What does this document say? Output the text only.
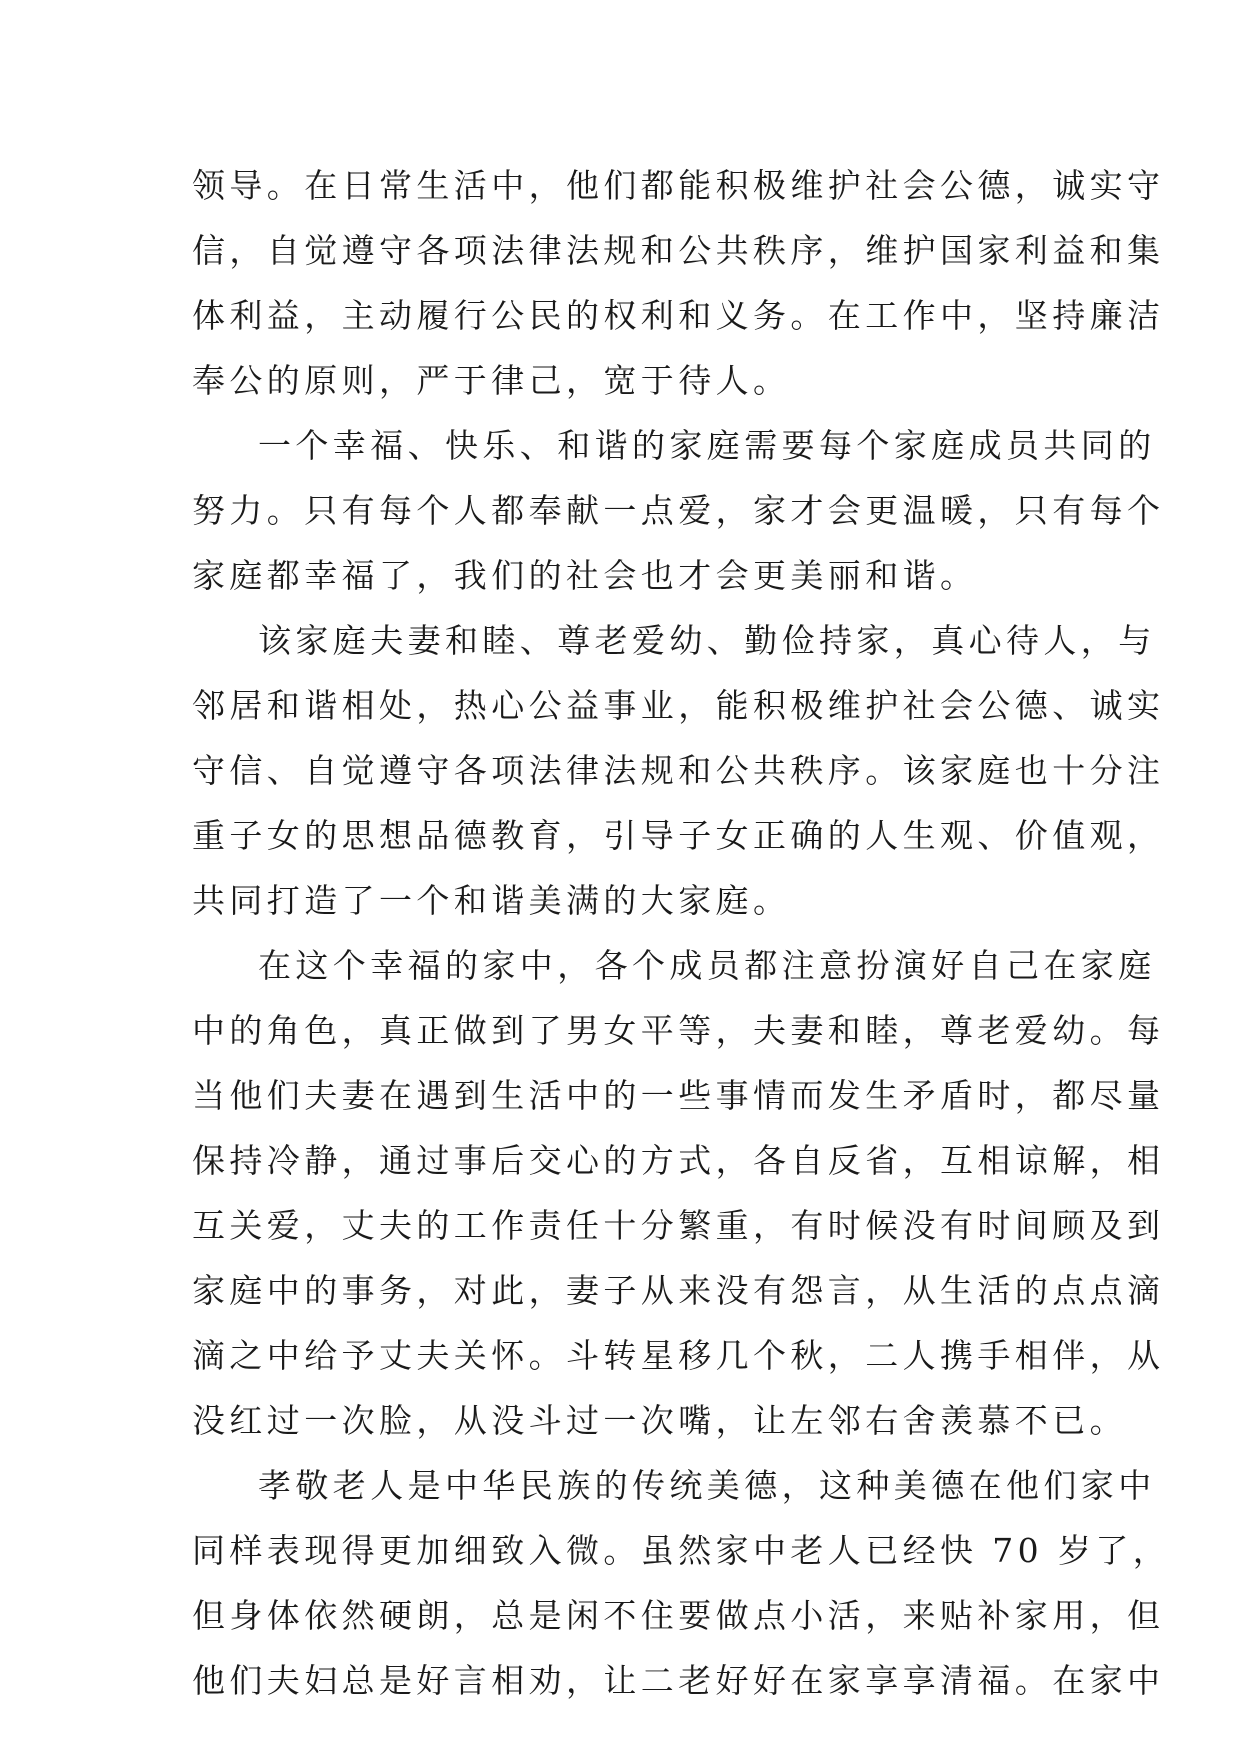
领导。在日常生活中，他们都能积极维护社会公德，诚实守
信，自觉遵守各项法律法规和公共秩序，维护国家利益和集
体利益，主动履行公民的权利和义务。在工作中，坚持廉洁
奉公的原则，严于律己，宽于待人。
一个幸福、快乐、和谐的家庭需要每个家庭成员共同的
努力。只有每个人都奉献一点爱，家才会更温暖，只有每个
家庭都幸福了，我们的社会也才会更美丽和谐。
该家庭夫妻和睦、尊老爱幼、勤俭持家，真心待人，与
邻居和谐相处，热心公益事业，能积极维护社会公德、诚实
守信、自觉遵守各项法律法规和公共秩序。该家庭也十分注
重子女的思想品德教育，引导子女正确的人生观、价值观，
共同打造了一个和谐美满的大家庭。
在这个幸福的家中，各个成员都注意扮演好自己在家庭
中的角色，真正做到了男女平等，夫妻和睦，尊老爱幼。每
当他们夫妻在遇到生活中的一些事情而发生矛盾时，都尽量
保持冷静，通过事后交心的方式，各自反省，互相谅解，相
互关爱，丈夫的工作责任十分繁重，有时候没有时间顾及到
家庭中的事务，对此，妻子从来没有怨言，从生活的点点滴
滴之中给予丈夫关怀。斗转星移几个秋，二人携手相伴，从
没红过一次脸，从没斗过一次嘴，让左邻右舍羡慕不已。
孝敬老人是中华民族的传统美德，这种美德在他们家中
同样表现得更加细致入微。虽然家中老人已经快 70 岁了，
但身体依然硬朗，总是闲不住要做点小活，来贴补家用，但
他们夫妇总是好言相劝，让二老好好在家享享清福。在家中
